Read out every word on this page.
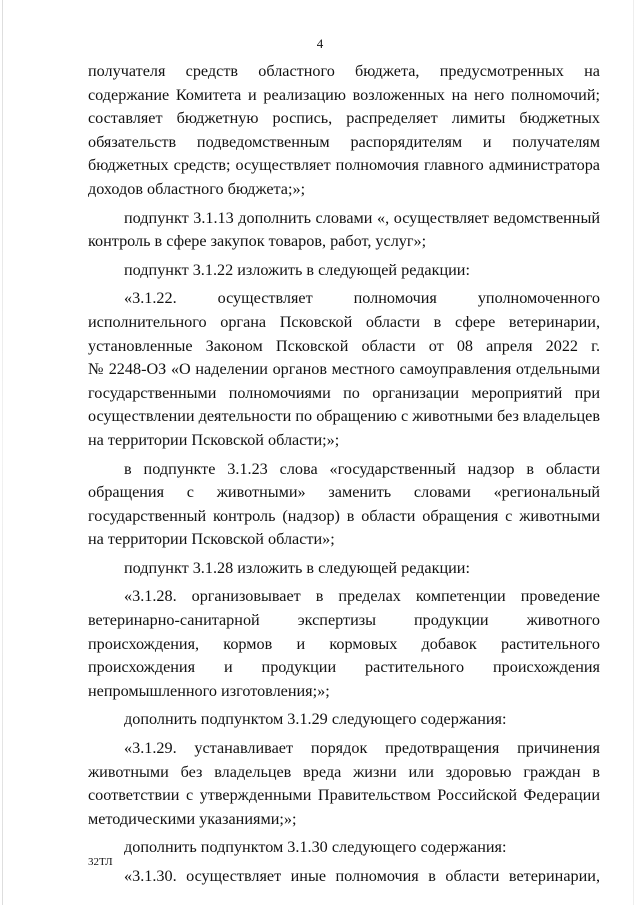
4
получателя средств областного бюджета, предусмотренных на
содержание Комитета и реализацию возложенных на него полномочий;
составляет бюджетную роспись, распределяет лимиты бюджетных
обязательств подведомственным распорядителям и получателям
бюджетных средств; осуществляет полномочия главного администратора
доходов областного бюджета;»;
подпункт 3.1.13 дополнить словами «, осуществляет ведомственный
контроль в сфере закупок товаров, работ, услуг»;
подпункт 3.1.22 изложить в следующей редакции:
«3.1.22. осуществляет полномочия уполномоченного
исполнительного органа Псковской области в сфере ветеринарии,
установленные Законом Псковской области от 08 апреля 2022 г.
№ 2248-ОЗ «О наделении органов местного самоуправления отдельными
государственными полномочиями по организации мероприятий при
осуществлении деятельности по обращению с животными без владельцев
на территории Псковской области;»;
в подпункте 3.1.23 слова «государственный надзор в области
обращения с животными» заменить словами «региональный
государственный контроль (надзор) в области обращения с животными
на территории Псковской области»;
подпункт 3.1.28 изложить в следующей редакции:
«3.1.28. организовывает в пределах компетенции проведение
ветеринарно-санитарной экспертизы продукции животного
происхождения, кормов и кормовых добавок растительного
происхождения и продукции растительного происхождения
непромышленного изготовления;»;
дополнить подпунктом 3.1.29 следующего содержания:
«3.1.29. устанавливает порядок предотвращения причинения
животными без владельцев вреда жизни или здоровью граждан в
соответствии с утвержденными Правительством Российской Федерации
методическими указаниями;»;
дополнить подпунктом 3.1.30 следующего содержания:
«3.1.30. осуществляет иные полномочия в области ветеринарии,
32ТЛ
